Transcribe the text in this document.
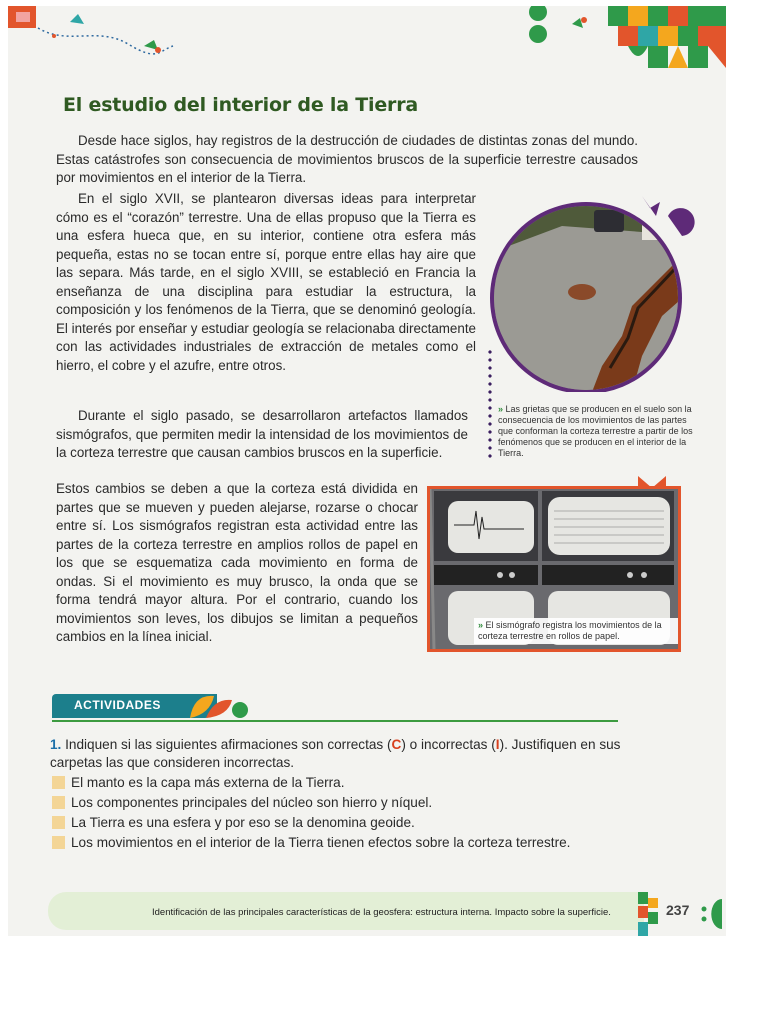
El estudio del interior de la Tierra

Desde hace siglos, hay registros de la destrucción de ciudades de distintas zonas del mundo. Estas catástrofes son consecuencia de movimientos bruscos de la superficie terrestre causados por movimientos en el interior de la Tierra.

En el siglo XVII, se plantearon diversas ideas para interpretar cómo es el “corazón” terrestre. Una de ellas propuso que la Tierra es una esfera hueca que, en su interior, contiene otra esfera más pequeña, estas no se tocan entre sí, porque entre ellas hay aire que las separa. Más tarde, en el siglo XVIII, se estableció en Francia la enseñanza de una disciplina para estudiar la estructura, la composición y los fenómenos de la Tierra, que se denominó geología. El interés por enseñar y estudiar geología se relacionaba directamente con las actividades industriales de extracción de metales como el hierro, el cobre y el azufre, entre otros.

Durante el siglo pasado, se desarrollaron artefactos llamados sismógrafos, que permiten medir la intensidad de los movimientos de la corteza terrestre que causan cambios bruscos en la superficie.

Estos cambios se deben a que la corteza está dividida en partes que se mueven y pueden alejarse, rozarse o chocar entre sí. Los sismógrafos registran esta actividad entre las partes de la corteza terrestre en amplios rollos de papel en los que se esquematiza cada movimiento en forma de ondas. Si el movimiento es muy brusco, la onda que se forma tendrá mayor altura. Por el contrario, cuando los movimientos son leves, los dibujos se limitan a pequeños cambios en la línea inicial.

» Las grietas que se producen en el suelo son la consecuencia de los movimientos de las partes que conforman la corteza terrestre a partir de los fenómenos que se producen en el interior de la Tierra.
» El sismógrafo registra los movimientos de la corteza terrestre en rollos de papel.
ACTIVIDADES
1. Indiquen si las siguientes afirmaciones son correctas (C) o incorrectas (I). Justifiquen en sus carpetas las que consideren incorrectas.
El manto es la capa más externa de la Tierra.
Los componentes principales del núcleo son hierro y níquel.
La Tierra es una esfera y por eso se la denomina geoide.
Los movimientos en el interior de la Tierra tienen efectos sobre la corteza terrestre.
Identificación de las principales características de la geosfera: estructura interna. Impacto sobre la superficie.	237
